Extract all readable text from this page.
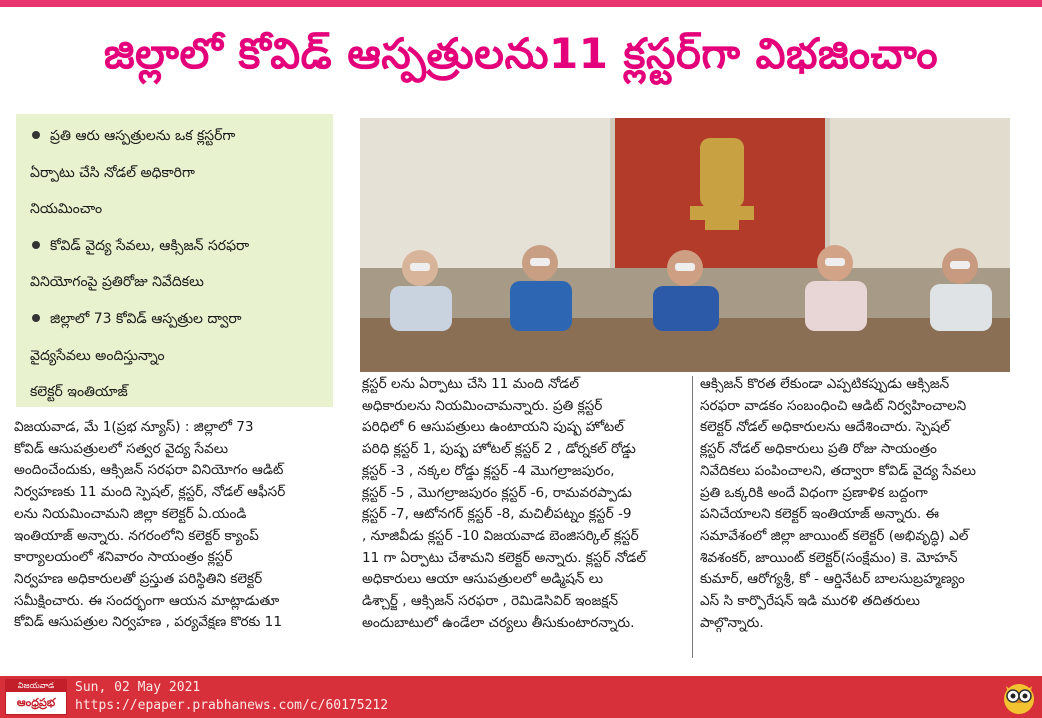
జిల్లాలో కోవిడ్ ఆస్పత్రులను11 క్లస్టర్‌గా విభజించాం
ప్రతి ఆరు ఆస్పత్రులను ఒక క్లస్టర్‌గా
ఏర్పాటు చేసి నోడల్ అధికారిగా
నియమించాం
కోవిడ్ వైద్య సేవలు, ఆక్సిజన్ సరఫరా
వినియోగంపై ప్రతిరోజు నివేదికలు
జిల్లాలో 73 కోవిడ్ ఆస్పత్రుల ద్వారా
వైద్యసేవలు అందిస్తున్నాం
కలెక్టర్ ఇంతియాజ్

విజయవాడ, మే 1(ప్రభ న్యూస్) : జిల్లాలో 73

కోవిడ్ ఆసుపత్రులలో సత్వర వైద్య సేవలు

అందించేందుకు, ఆక్సిజన్ సరఫరా వినియోగం ఆడిట్

నిర్వహణకు 11 మంది స్పెషల్, క్లస్టర్, నోడల్ ఆఫీసర్

లను నియమించామని జిల్లా కలెక్టర్ ఏ.యండి

ఇంతియాజ్ అన్నారు. నగరంలోని కలెక్టర్ క్యాంప్

కార్యాలయంలో శనివారం సాయంత్రం క్లస్టర్

నిర్వహణ అధికారులతో ప్రస్తుత పరిస్థితిని కలెక్టర్

సమీక్షించారు. ఈ సందర్భంగా ఆయన మాట్లాడుతూ

కోవిడ్ ఆసుపత్రుల నిర్వహణ , పర్యవేక్షణ కొరకు 11

క్లస్టర్ లను ఏర్పాటు చేసి 11 మంది నోడల్

అధికారులను నియమించామన్నారు. ప్రతి క్లస్టర్

పరిధిలో 6 ఆసుపత్రులు ఉంటాయని పుష్ప హోటల్

పరిధి క్లస్టర్ 1, పుష్ప హోటల్ క్లస్టర్ 2 , డోర్నకల్ రోడ్డు

క్లస్టర్ -3 , నక్కల రోడ్డు క్లస్టర్ -4 మొగల్రాజపురం,

క్లస్టర్ -5 , మొగల్రాజపురం క్లస్టర్ -6, రామవరప్పాడు

క్లస్టర్ -7, ఆటోనగర్ క్లస్టర్ -8, మచిలీపట్నం క్లస్టర్ -9

, నూజివీడు క్లస్టర్ -10 విజయవాడ బెంజిసర్కిల్ క్లస్టర్

11 గా ఏర్పాటు చేశామని కలెక్టర్ అన్నారు. క్లస్టర్ నోడల్

అధికారులు ఆయా ఆసుపత్రులలో అడ్మిషన్ లు

డిశ్చార్జ్ , ఆక్సిజన్ సరఫరా , రెమిడెసివిర్ ఇంజక్షన్

అందుబాటులో ఉండేలా చర్యలు తీసుకుంటారన్నారు.

ఆక్సిజన్ కొరత లేకుండా ఎప్పటికప్పుడు ఆక్సిజన్

సరఫరా వాడకం సంబంధించి ఆడిట్ నిర్వహించాలని

కలెక్టర్ నోడల్ అధికారులను ఆదేశించారు. స్పెషల్

క్లస్టర్ నోడల్ అధికారులు ప్రతి రోజు సాయంత్రం

నివేదికలు పంపించాలని, తద్వారా కోవిడ్ వైద్య సేవలు

ప్రతి ఒక్కరికి అందే విధంగా ప్రణాళిక బద్దంగా

పనిచేయాలని కలెక్టర్ ఇంతియాజ్ అన్నారు. ఈ

సమావేశంలో జిల్లా జాయింట్ కలెక్టర్ (అభివృద్ధి) ఎల్

శివశంకర్, జాయింట్ కలెక్టర్(సంక్షేమం) కె. మోహన్

కుమార్, ఆరోగ్యశ్రీ, కో - ఆర్డినేటర్ బాలసుబ్రహ్మణ్యం

ఎస్ సి కార్పొరేషన్ ఇడి మురళి తదితరులు

పాల్గొన్నారు.

విజయవాడ
ఆంధ్రప్రభ
Sun, 02 May 2021
https://epaper.prabhanews.com/c/60175212
